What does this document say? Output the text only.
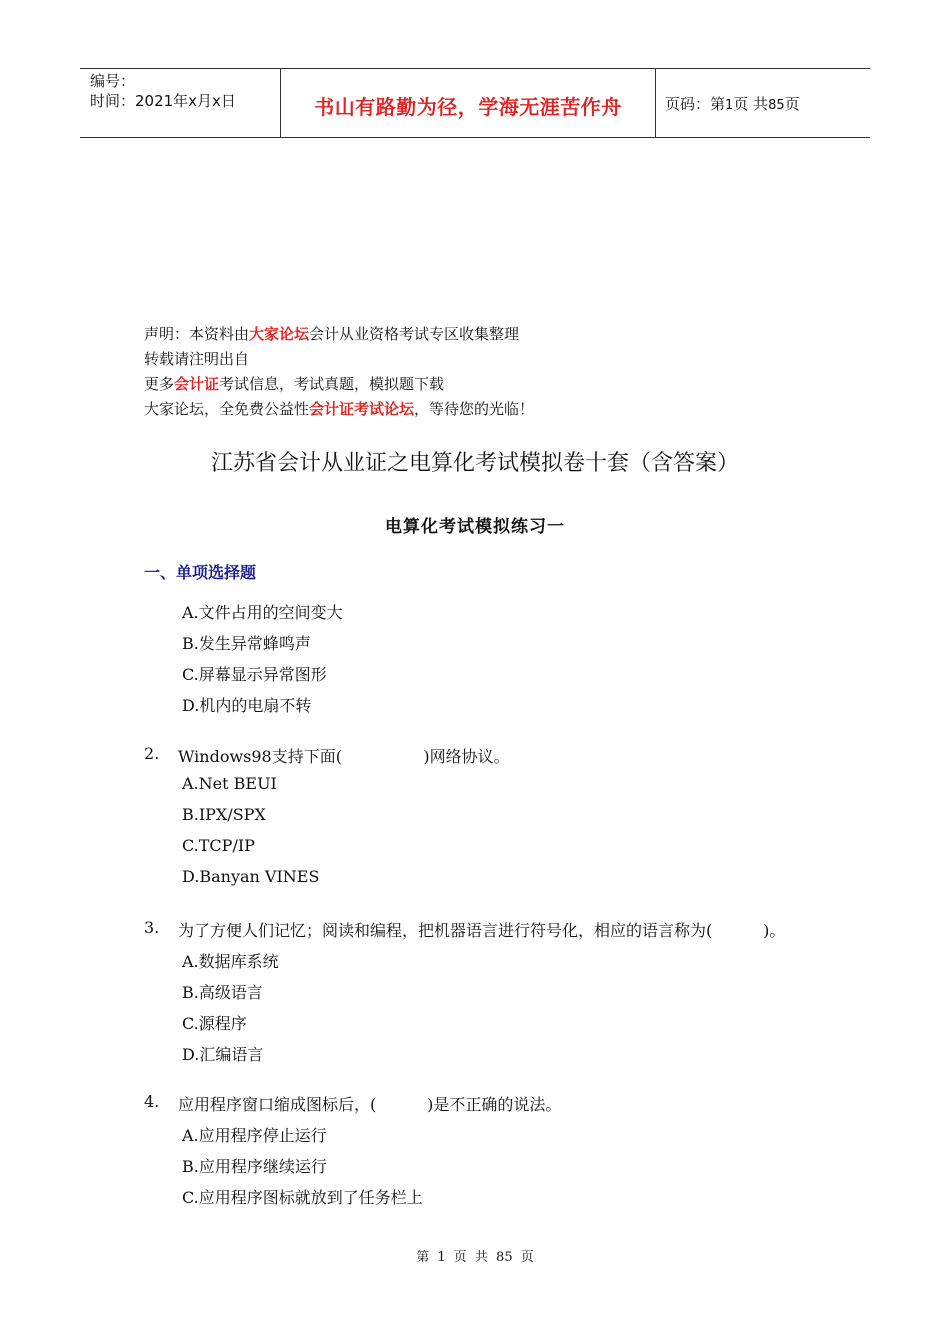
编号：
时间：2021年x月x日	书山有路勤为径，学海无涯苦作舟	页码：第1页 共85页
声明：本资料由大家论坛会计从业资格考试专区收集整理
转载请注明出自
更多会计证考试信息，考试真题，模拟题下载
大家论坛，全免费公益性会计证考试论坛，等待您的光临！
江苏省会计从业证之电算化考试模拟卷十套（含答案）
电算化考试模拟练习一
一、单项选择题
A.文件占用的空间变大
B.发生异常蜂鸣声
C.屏幕显示异常图形
D.机内的电扇不转
2. Windows98支持下面(                )网络协议。
A.Net BEUI
B.IPX/SPX
C.TCP/IP
D.Banyan VINES
3. 为了方便人们记忆；阅读和编程，把机器语言进行符号化，相应的语言称为(          )。
A.数据库系统
B.高级语言
C.源程序
D.汇编语言
4. 应用程序窗口缩成图标后，(          )是不正确的说法。
A.应用程序停止运行
B.应用程序继续运行
C.应用程序图标就放到了任务栏上
第 1 页 共 85 页
